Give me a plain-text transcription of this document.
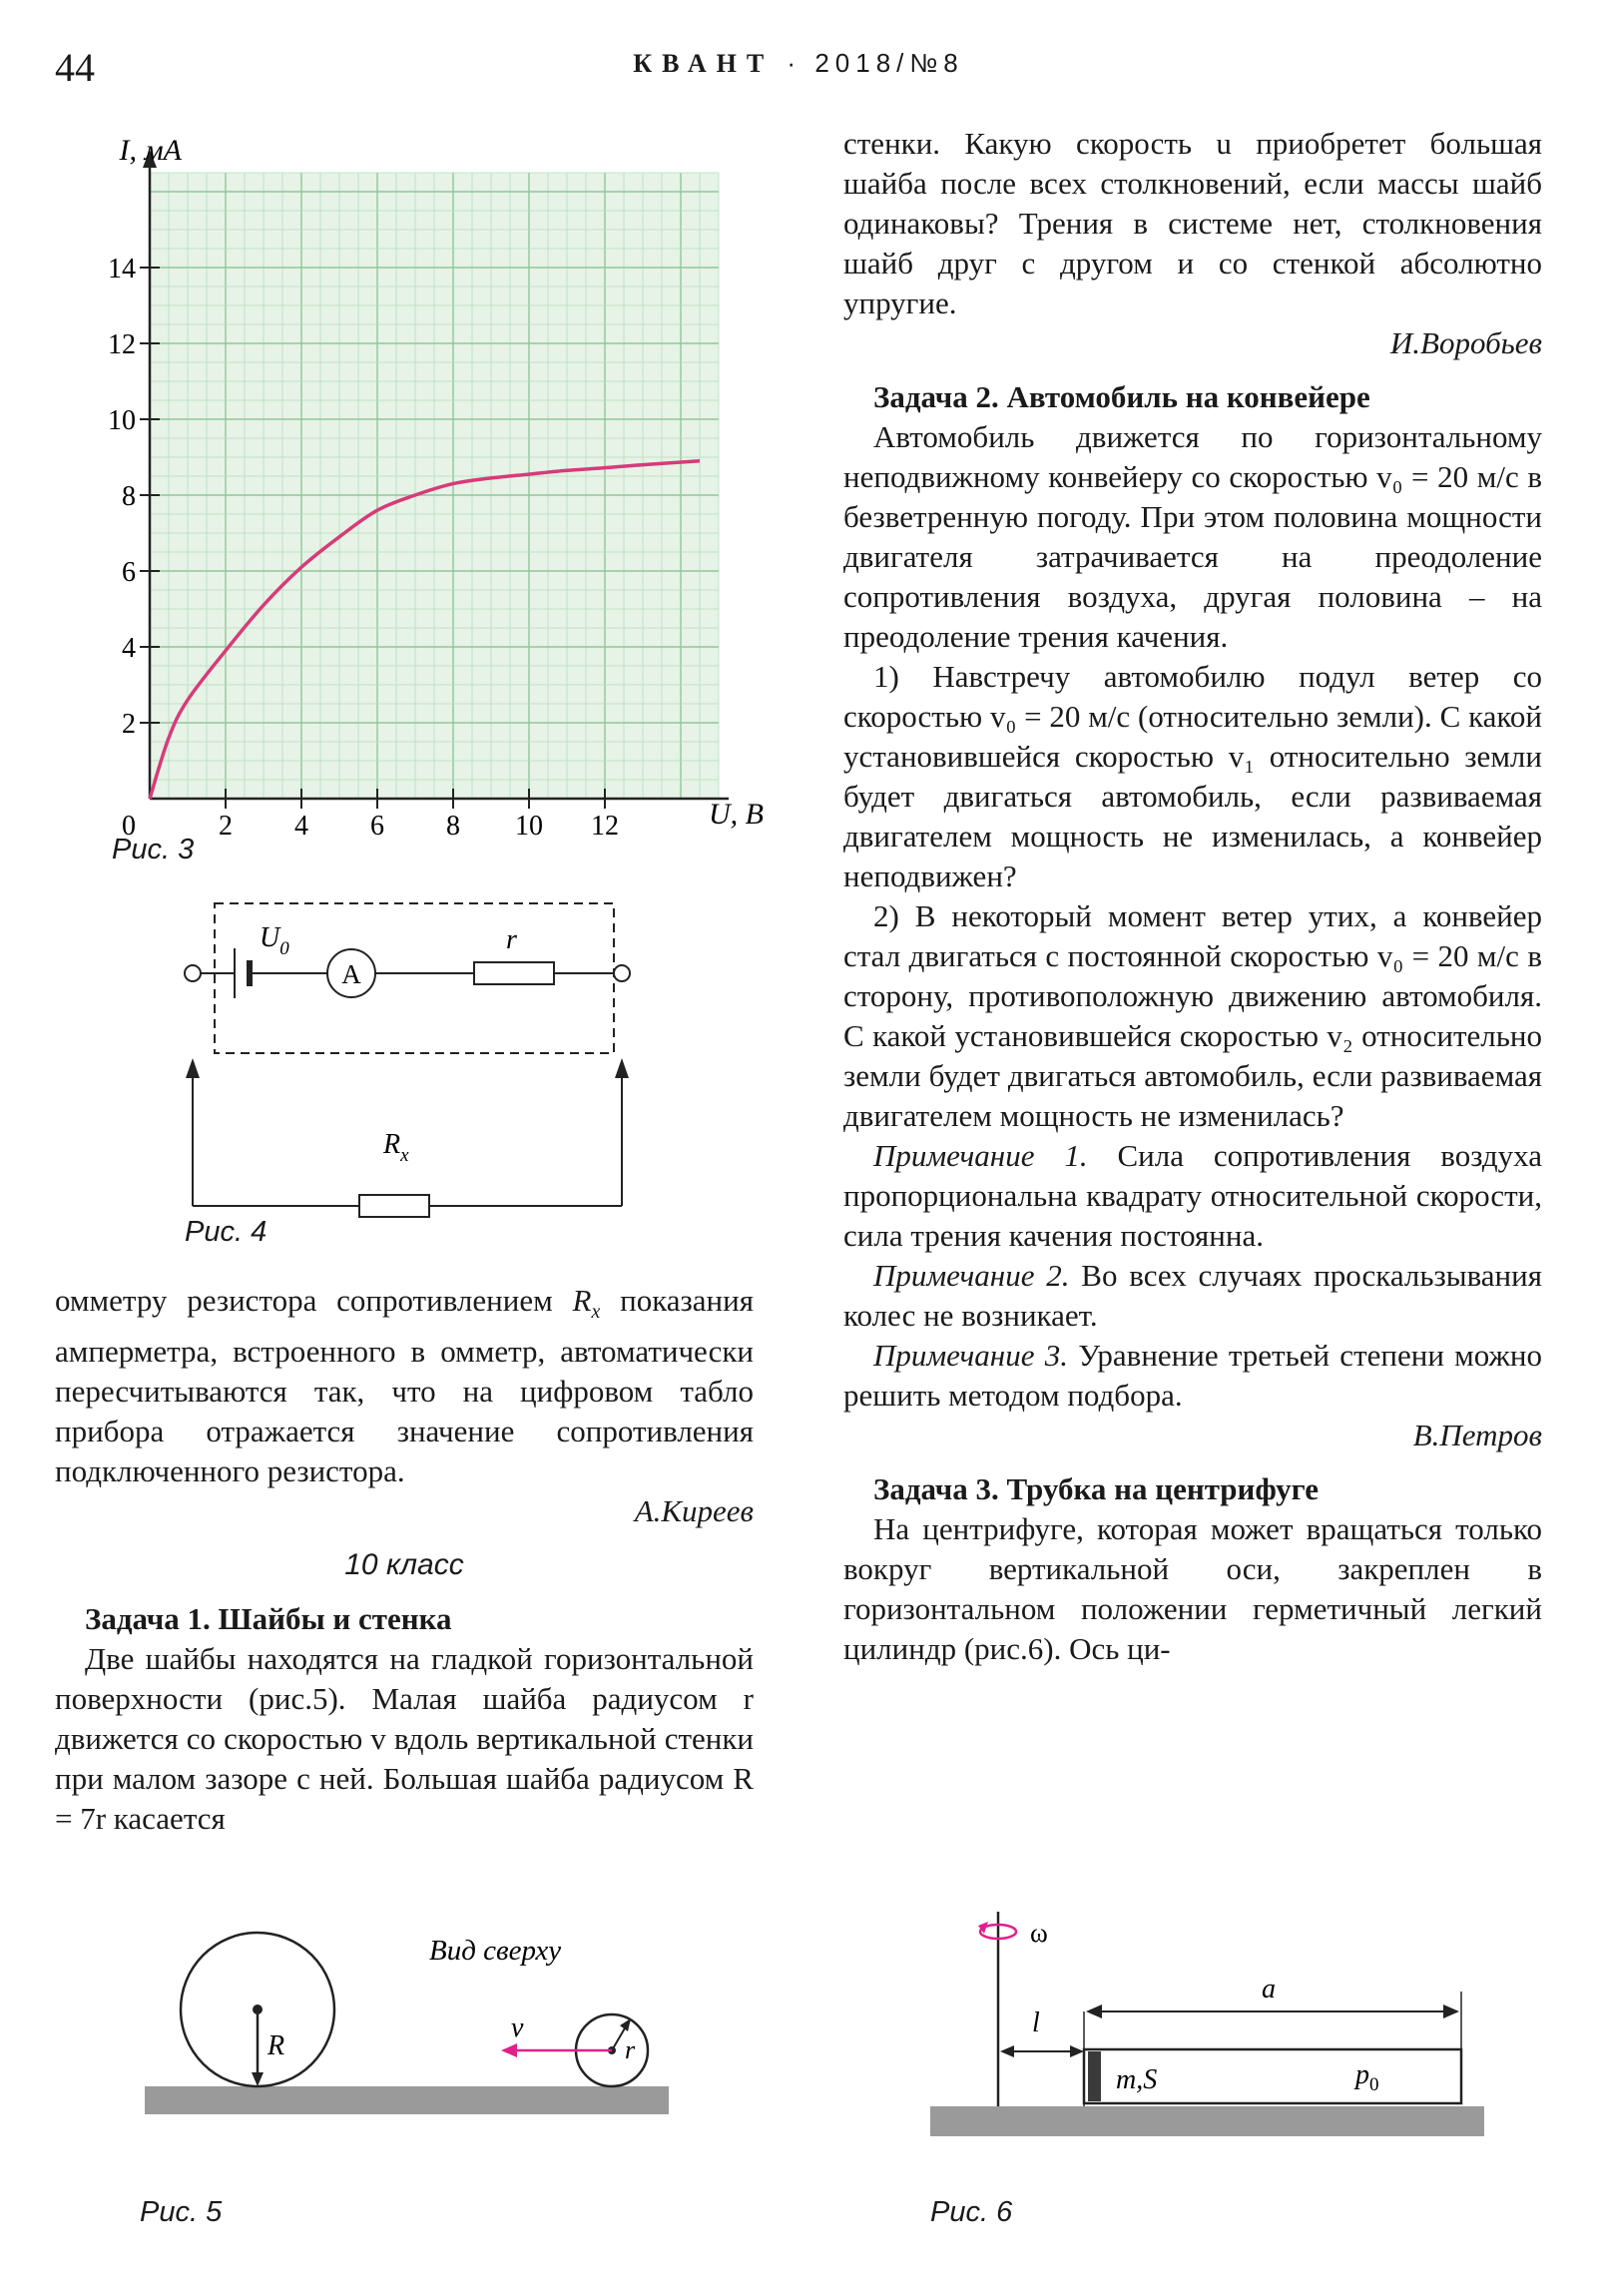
44	КВАНТ · 2018/№8
2
4
6
8
10
12
14
0	2 4 6 8 10 12
I, мА
U, В
Рис. 3
$U_0$
A
r
$R_x$
Рис. 4

омметру резистора сопротивлением $R_x$ показания амперметра, встроенного в омметр, автоматически пересчитываются так, что на цифровом табло прибора отражается значение сопротивления подключенного резистора.

А.Киреев
10 класс
Задача 1. Шайбы и стенка

Две шайбы находятся на гладкой горизонтальной поверхности (рис.5). Малая шайба радиусом r движется со скоростью v вдоль вертикальной стенки при малом зазоре с ней. Большая шайба радиусом R = 7r касается

стенки. Какую скорость u приобретет большая шайба после всех столкновений, если массы шайб одинаковы? Трения в системе нет, столкновения шайб друг с другом и со стенкой абсолютно упругие.

И.Воробьев
Задача 2. Автомобиль на конвейере

Автомобиль движется по горизонтальному неподвижному конвейеру со скоростью v₀ = 20 м/с в безветренную погоду. При этом половина мощности двигателя затрачивается на преодоление сопротивления воздуха, другая половина – на преодоление трения качения.

1) Навстречу автомобилю подул ветер со скоростью v₀ = 20 м/с (относительно земли). С какой установившейся скоростью v₁ относительно земли будет двигаться автомобиль, если развиваемая двигателем мощность не изменилась, а конвейер неподвижен?

2) В некоторый момент ветер утих, а конвейер стал двигаться с постоянной скоростью v₀ = 20 м/с в сторону, противоположную движению автомобиля. С какой установившейся скоростью v₂ относительно земли будет двигаться автомобиль, если развиваемая двигателем мощность не изменилась?

Примечание 1. Сила сопротивления воздуха пропорциональна квадрату относительной скорости, сила трения качения постоянна.

Примечание 2. Во всех случаях проскальзывания колес не возникает.

Примечание 3. Уравнение третьей степени можно решить методом подбора.

В.Петров
Задача 3. Трубка на центрифуге

На центрифуге, которая может вращаться только вокруг вертикальной оси, закреплен в горизонтальном положении герметичный легкий цилиндр (рис.6). Ось ци-

R
Вид сверху
r
v
Рис. 5
ω
l
a
m,S	$p_0$
Рис. 6
